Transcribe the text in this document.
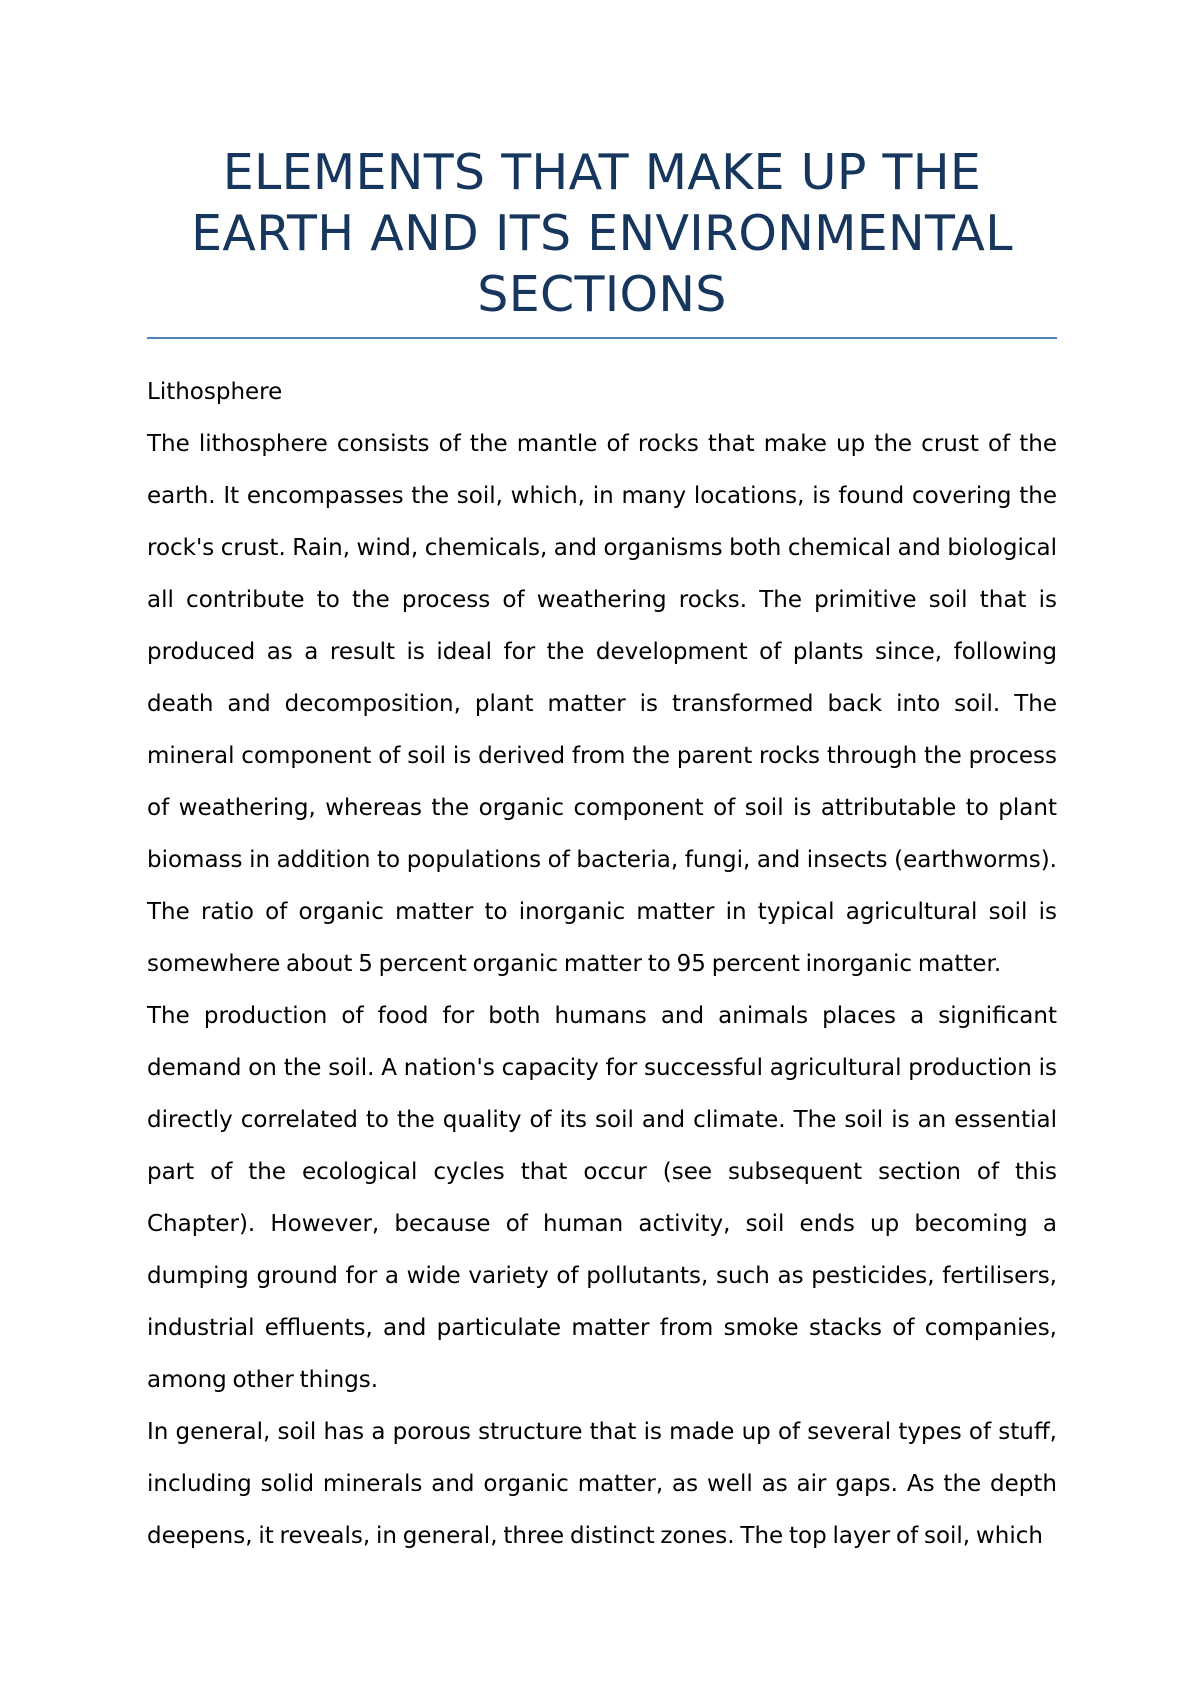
ELEMENTS THAT MAKE UP THE EARTH AND ITS ENVIRONMENTAL SECTIONS
Lithosphere

The lithosphere consists of the mantle of rocks that make up the crust of the earth. It encompasses the soil, which, in many locations, is found covering the rock's crust. Rain, wind, chemicals, and organisms both chemical and biological all contribute to the process of weathering rocks. The primitive soil that is produced as a result is ideal for the development of plants since, following death and decomposition, plant matter is transformed back into soil. The mineral component of soil is derived from the parent rocks through the process of weathering, whereas the organic component of soil is attributable to plant biomass in addition to populations of bacteria, fungi, and insects (earthworms). The ratio of organic matter to inorganic matter in typical agricultural soil is somewhere about 5 percent organic matter to 95 percent inorganic matter.

The production of food for both humans and animals places a significant demand on the soil. A nation's capacity for successful agricultural production is directly correlated to the quality of its soil and climate. The soil is an essential part of the ecological cycles that occur (see subsequent section of this Chapter). However, because of human activity, soil ends up becoming a dumping ground for a wide variety of pollutants, such as pesticides, fertilisers, industrial effluents, and particulate matter from smoke stacks of companies, among other things.

In general, soil has a porous structure that is made up of several types of stuff, including solid minerals and organic matter, as well as air gaps. As the depth deepens, it reveals, in general, three distinct zones. The top layer of soil, which
